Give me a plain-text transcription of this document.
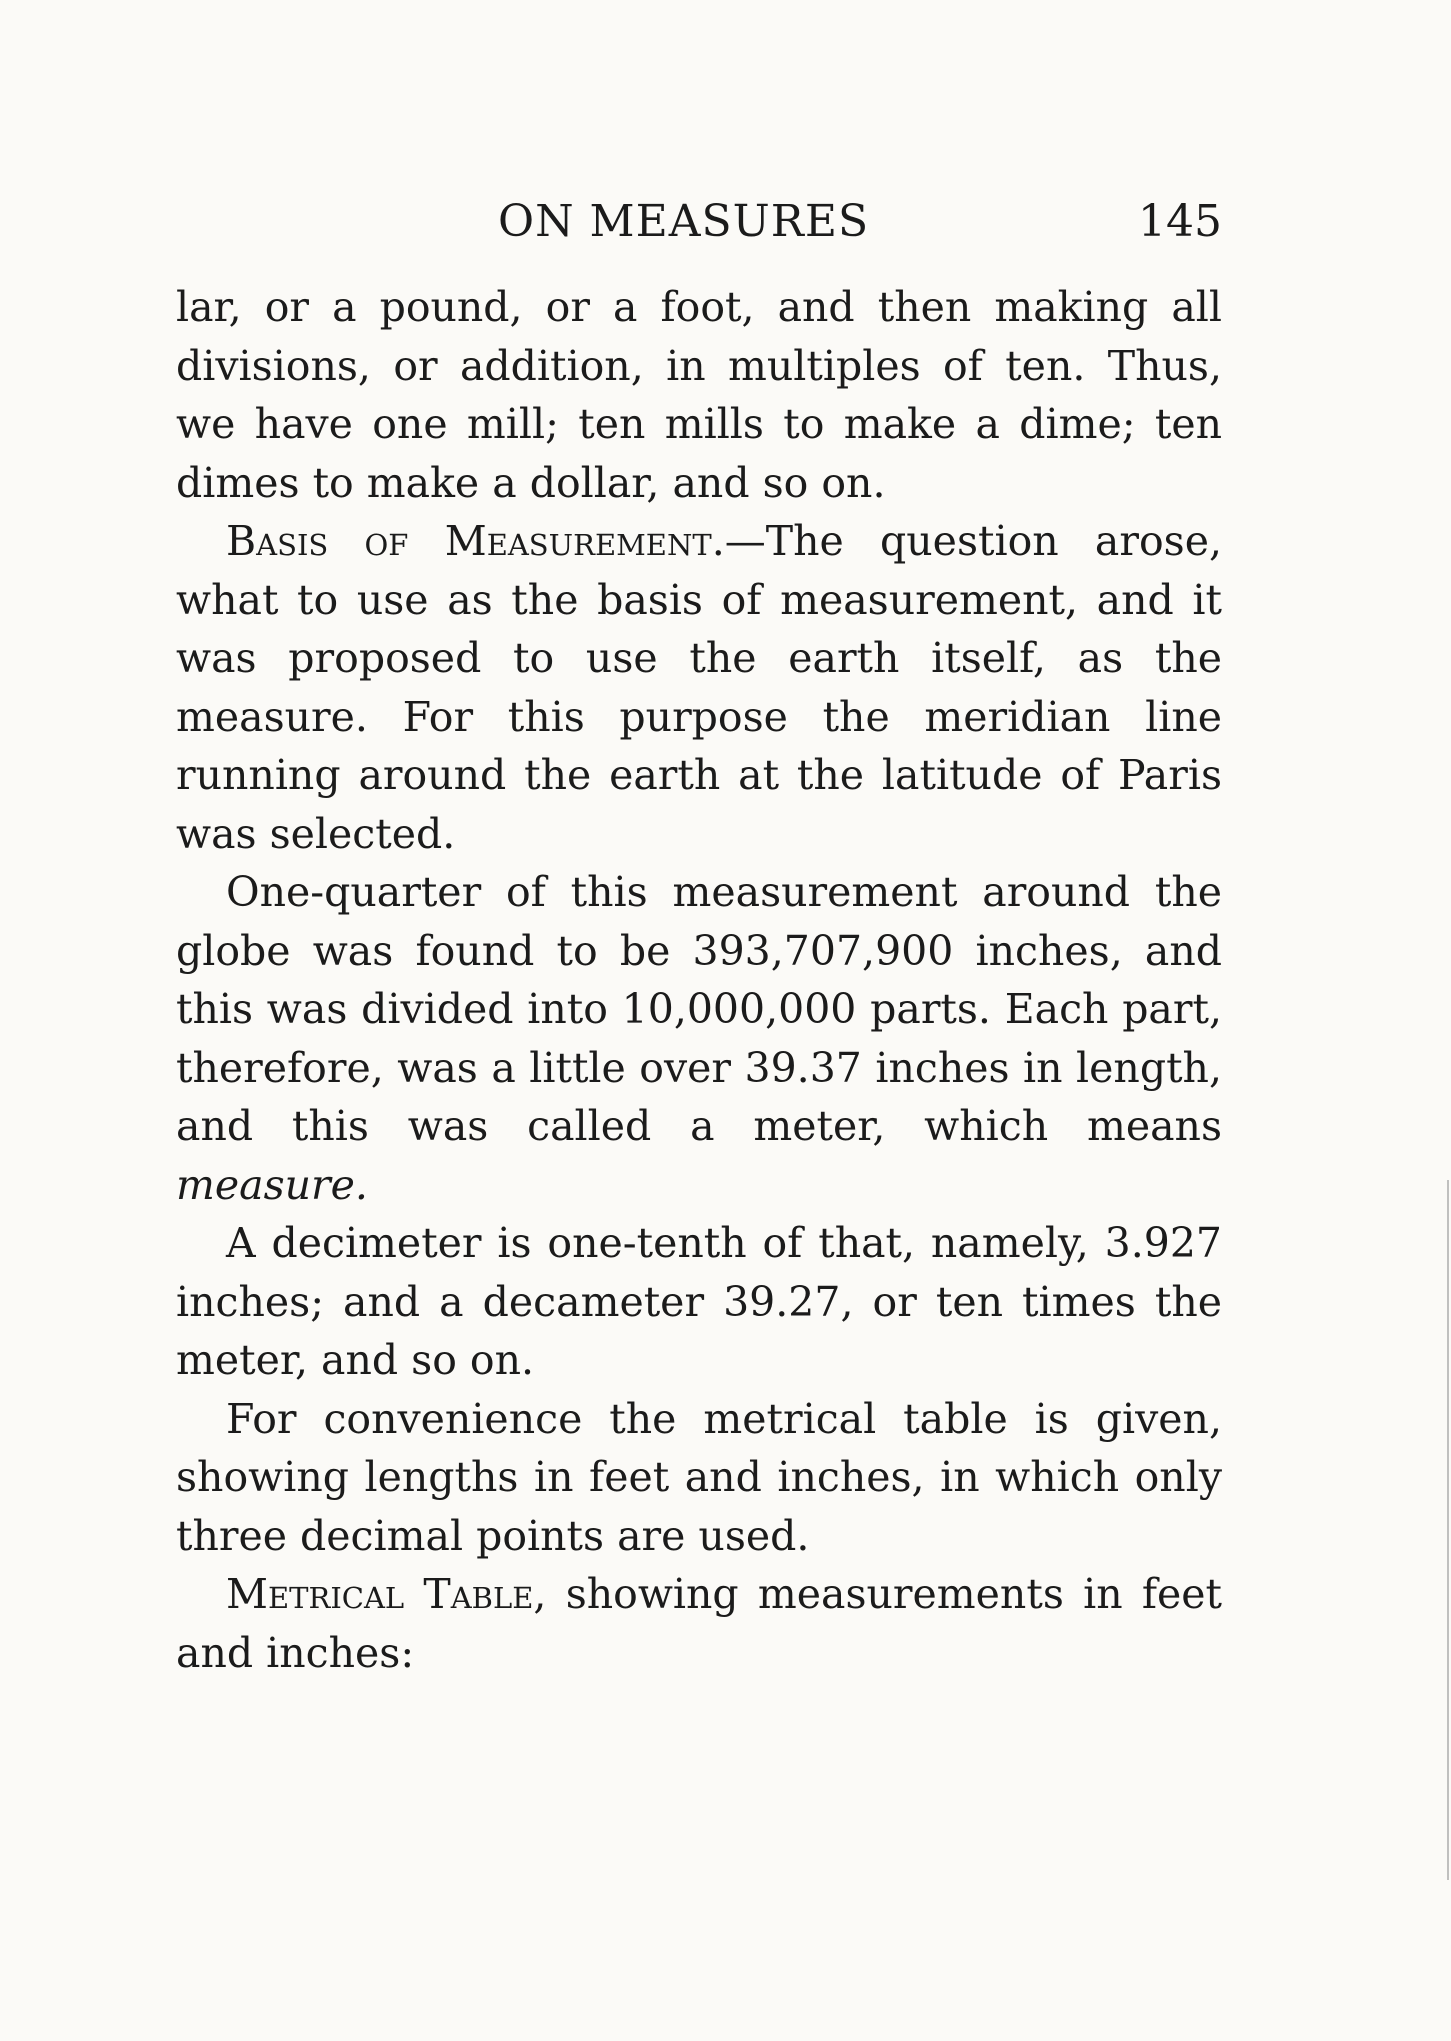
ON MEASURES	145

lar, or a pound, or a foot, and then making all divisions, or addition, in multiples of ten. Thus, we have one mill; ten mills to make a dime; ten dimes to make a dollar, and so on.

Basis of Measurement.—The question arose, what to use as the basis of measurement, and it was proposed to use the earth itself, as the measure. For this purpose the meridian line running around the earth at the latitude of Paris was selected.

One-quarter of this measurement around the globe was found to be 393,707,900 inches, and this was divided into 10,000,000 parts. Each part, therefore, was a little over 39.37 inches in length, and this was called a meter, which means measure.

A decimeter is one-tenth of that, namely, 3.927 inches; and a decameter 39.27, or ten times the meter, and so on.

For convenience the metrical table is given, showing lengths in feet and inches, in which only three decimal points are used.

Metrical Table, showing measurements in feet and inches:
